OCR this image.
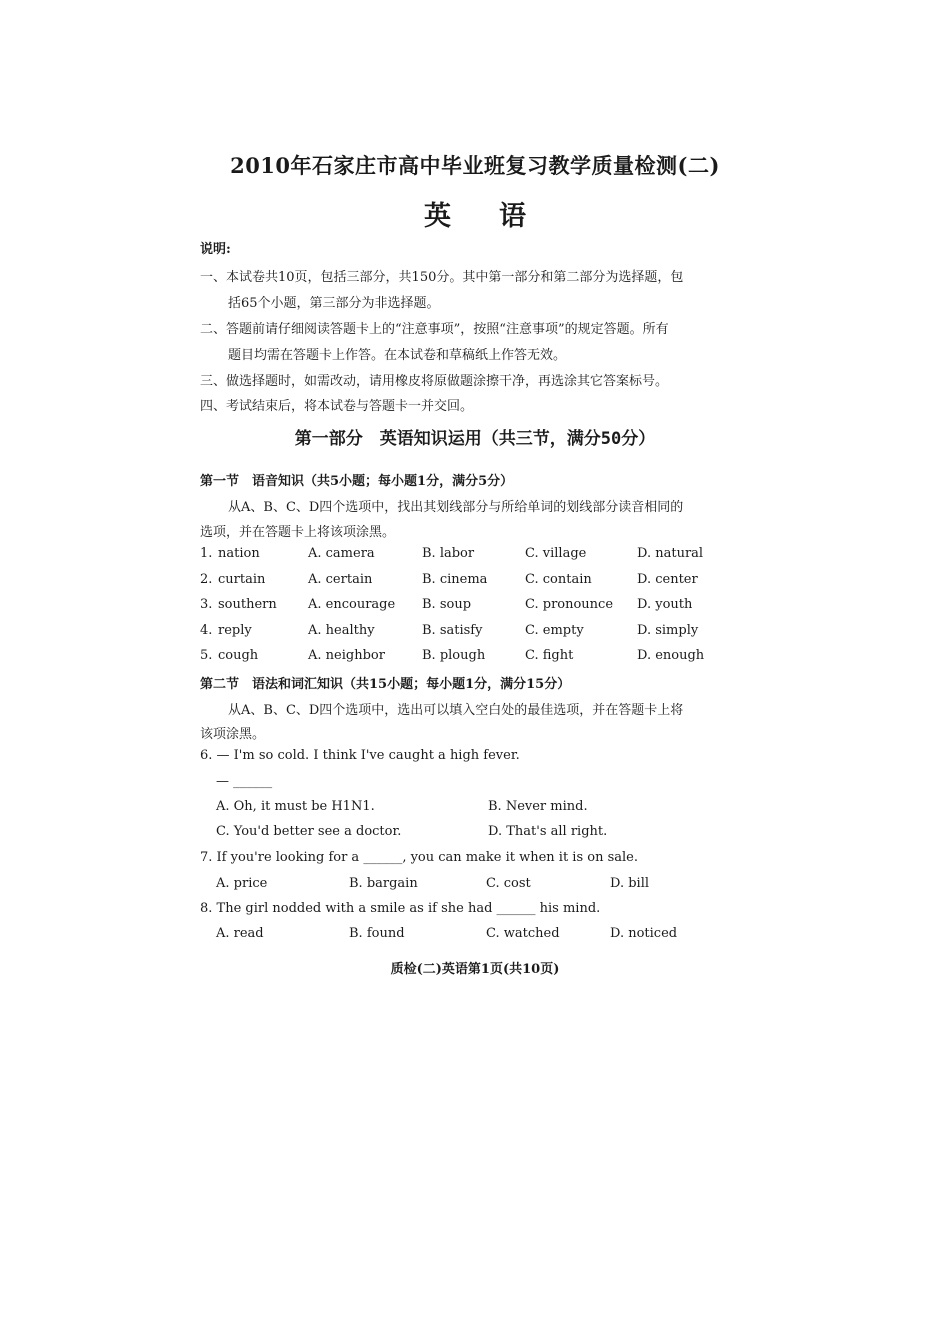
2010年石家庄市高中毕业班复习教学质量检测(二)
英语
说明:
一、本试卷共10页，包括三部分，共150分。其中第一部分和第二部分为选择题，包
括65个小题，第三部分为非选择题。
二、答题前请仔细阅读答题卡上的“注意事项”，按照“注意事项”的规定答题。所有
题目均需在答题卡上作答。在本试卷和草稿纸上作答无效。
三、做选择题时，如需改动，请用橡皮将原做题涂擦干净，再选涂其它答案标号。
四、考试结束后，将本试卷与答题卡一并交回。
第一部分　英语知识运用（共三节，满分50分）
第一节　语音知识（共5小题；每小题1分，满分5分）
从A、B、C、D四个选项中，找出其划线部分与所给单词的划线部分读音相同的
选项，并在答题卡上将该项涂黑。
1. nation	A. camera	B. labor	C. village	D. natural
2. curtain	A. certain	B. cinema	C. contain	D. center
3. southern A. encourage B. soup	C. pronounce D. youth
4. reply	A. healthy	B. satisfy	C. empty	D. simply
5. cough	A. neighbor	B. plough	C. fight	D. enough
第二节　语法和词汇知识（共15小题；每小题1分，满分15分）
从A、B、C、D四个选项中，选出可以填入空白处的最佳选项，并在答题卡上将
该项涂黑。
6. — I'm so cold. I think I've caught a high fever.
— ______
A. Oh, it must be H1N1.	B. Never mind.
C. You'd better see a doctor.	D. That's all right.
7. If you're looking for a ______, you can make it when it is on sale.
A. price	B. bargain	C. cost	D. bill
8. The girl nodded with a smile as if she had ______ his mind.
A. read	B. found	C. watched	D. noticed
质检(二)英语第1页(共10页)
